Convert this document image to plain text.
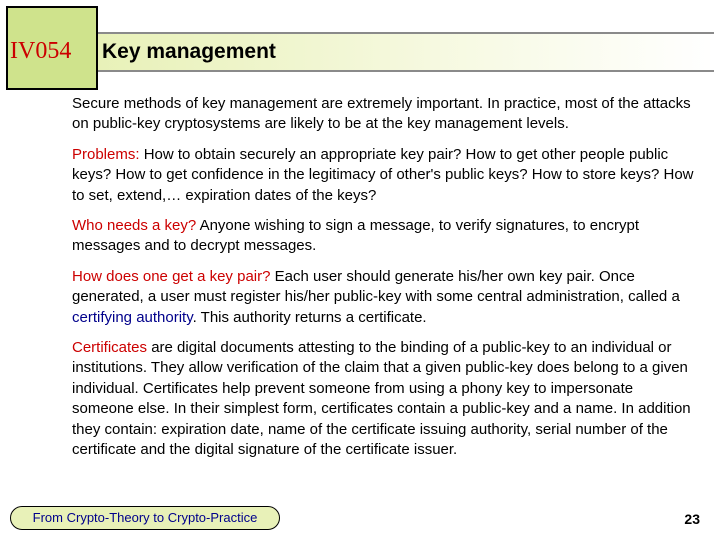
IV054 Key management

Secure methods of key management are extremely important. In practice, most of the attacks on public-key cryptosystems are likely to be at the key management levels.

Problems: How to obtain securely an appropriate key pair? How to get other people public keys? How to get confidence in the legitimacy of other's public keys? How to store keys? How to set, extend,… expiration dates of the keys?

Who needs a key? Anyone wishing to sign a message, to verify signatures, to encrypt messages and to decrypt messages.

How does one get a key pair? Each user should generate his/her own key pair. Once generated, a user must register his/her public-key with some central administration, called a certifying authority. This authority returns a certificate.

Certificates are digital documents attesting to the binding of a public-key to an individual or institutions. They allow verification of the claim that a given public-key does belong to a given individual. Certificates help prevent someone from using a phony key to impersonate someone else. In their simplest form, certificates contain a public-key and a name. In addition they contain: expiration date, name of the certificate issuing authority, serial number of the certificate and the digital signature of the certificate issuer.

From Crypto-Theory to Crypto-Practice	23
